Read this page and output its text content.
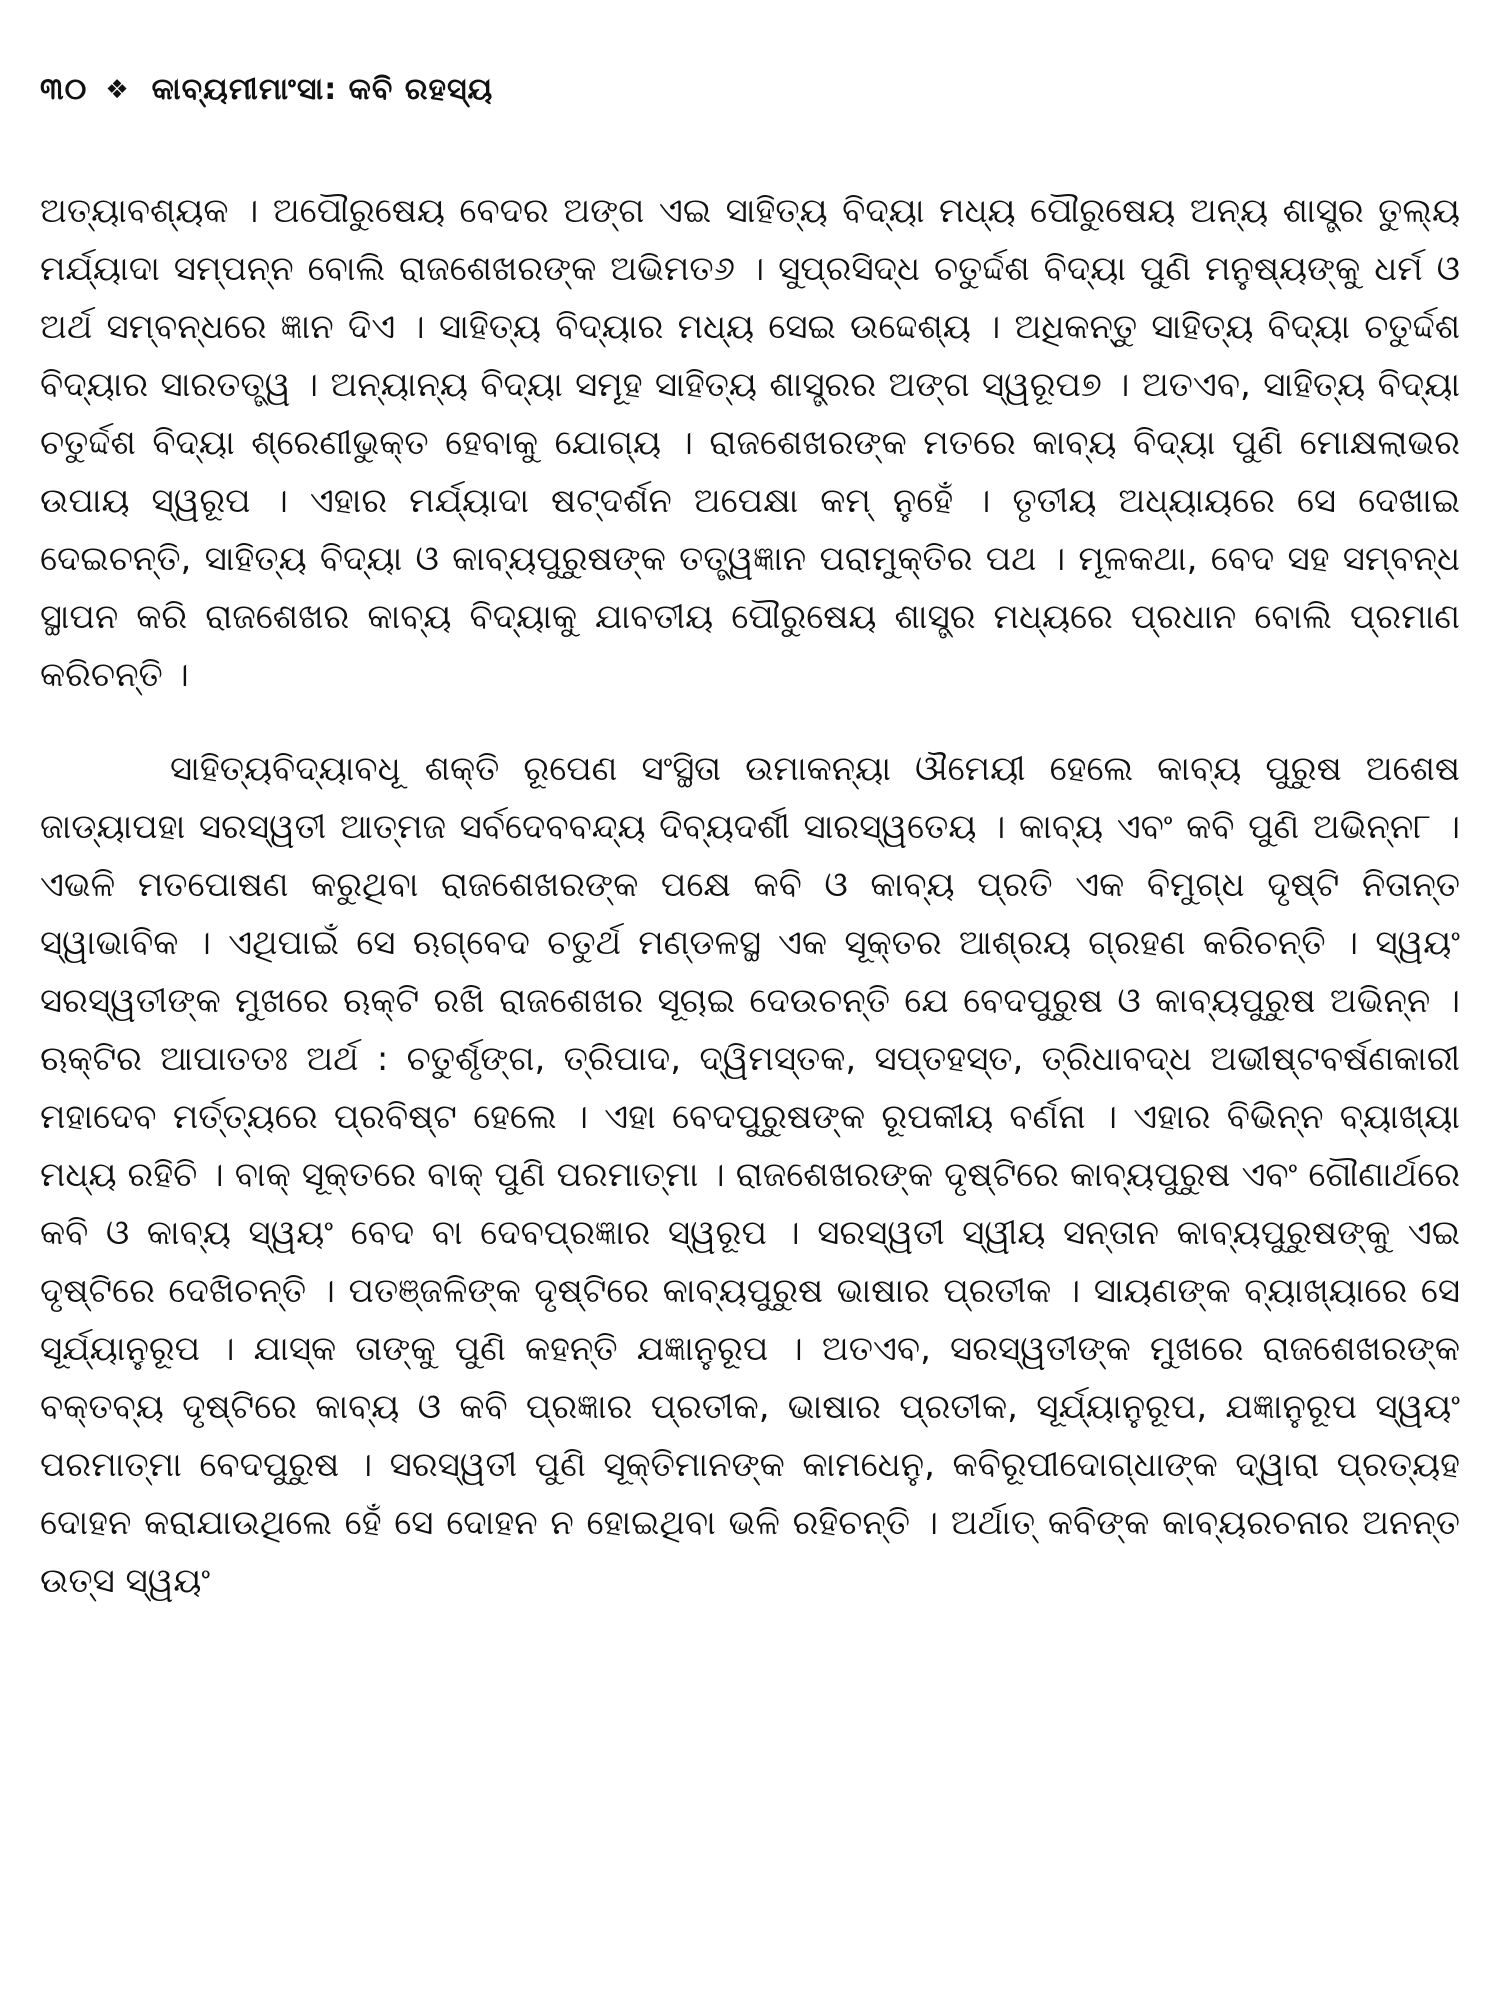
୩୦ ❖ କାବ୍ୟମୀମାଂସା: କବି ରହସ୍ୟ

ଅତ୍ୟାବଶ୍ୟକ । ଅପୌରୁଷେୟ ବେଦର ଅଙ୍ଗ ଏଇ ସାହିତ୍ୟ ବିଦ୍ୟା ମଧ୍ୟ ପୌରୁଷେୟ ଅନ୍ୟ ଶାସ୍ତ୍ର ତୁଲ୍ୟ ମର୍ଯ୍ୟାଦା ସମ୍ପନ୍ନ ବୋଲି ରାଜଶେଖରଙ୍କ ଅଭିମତ୬ । ସୁପ୍ରସିଦ୍ଧ ଚତୁର୍ଦ୍ଦଶ ବିଦ୍ୟା ପୁଣି ମନୁଷ୍ୟଙ୍କୁ ଧର୍ମ ଓ ଅର୍ଥ ସମ୍ବନ୍ଧରେ ଜ୍ଞାନ ଦିଏ । ସାହିତ୍ୟ ବିଦ୍ୟାର ମଧ୍ୟ ସେଇ ଉଦ୍ଦେଶ୍ୟ । ଅଧିକନ୍ତୁ ସାହିତ୍ୟ ବିଦ୍ୟା ଚତୁର୍ଦ୍ଦଶ ବିଦ୍ୟାର ସାରତତ୍ତ୍ୱ । ଅନ୍ୟାନ୍ୟ ବିଦ୍ୟା ସମୂହ ସାହିତ୍ୟ ଶାସ୍ତ୍ରର ଅଙ୍ଗ ସ୍ୱରୂପ୭ । ଅତଏବ, ସାହିତ୍ୟ ବିଦ୍ୟା ଚତୁର୍ଦ୍ଦଶ ବିଦ୍ୟା ଶ୍ରେଣୀଭୁକ୍ତ ହେବାକୁ ଯୋଗ୍ୟ । ରାଜଶେଖରଙ୍କ ମତରେ କାବ୍ୟ ବିଦ୍ୟା ପୁଣି ମୋକ୍ଷଲାଭର ଉପାୟ ସ୍ୱରୂପ । ଏହାର ମର୍ଯ୍ୟାଦା ଷଟ୍‌ଦର୍ଶନ ଅପେକ୍ଷା କମ୍ ନୁହେଁ । ତୃତୀୟ ଅଧ୍ୟାୟରେ ସେ ଦେଖାଇ ଦେଇଚନ୍ତି, ସାହିତ୍ୟ ବିଦ୍ୟା ଓ କାବ୍ୟପୁରୁଷଙ୍କ ତତ୍ତ୍ୱଜ୍ଞାନ ପରାମୁକ୍ତିର ପଥ । ମୂଳକଥା, ବେଦ ସହ ସମ୍ବନ୍ଧ ସ୍ଥାପନ କରି ରାଜଶେଖର କାବ୍ୟ ବିଦ୍ୟାକୁ ଯାବତୀୟ ପୌରୁଷେୟ ଶାସ୍ତ୍ର ମଧ୍ୟରେ ପ୍ରଧାନ ବୋଲି ପ୍ରମାଣ କରିଚନ୍ତି ।

ସାହିତ୍ୟବିଦ୍ୟାବଧୂ ଶକ୍ତି ରୂପେଣ ସଂସ୍ଥିତା ଉମାକନ୍ୟା ଔମେୟୀ ହେଲେ କାବ୍ୟ ପୁରୁଷ ଅଶେଷ ଜାଡ୍ୟାପହା ସରସ୍ୱତୀ ଆତ୍ମଜ ସର୍ବଦେବବନ୍ଦ୍ୟ ଦିବ୍ୟଦର୍ଶୀ ସାରସ୍ୱତେୟ । କାବ୍ୟ ଏବଂ କବି ପୁଣି ଅଭିନ୍ନ୮ । ଏଭଳି ମତପୋଷଣ କରୁଥିବା ରାଜଶେଖରଙ୍କ ପକ୍ଷେ କବି ଓ କାବ୍ୟ ପ୍ରତି ଏକ ବିମୁଗ୍ଧ ଦୃଷ୍ଟି ନିତାନ୍ତ ସ୍ୱାଭାବିକ । ଏଥିପାଇଁ ସେ ଋଗ୍‌ବେଦ ଚତୁର୍ଥ ମଣ୍ଡଳସ୍ଥ ଏକ ସୂକ୍ତର ଆଶ୍ରୟ ଗ୍ରହଣ କରିଚନ୍ତି । ସ୍ୱୟଂ ସରସ୍ୱତୀଙ୍କ ମୁଖରେ ଋକ୍‌ଟି ରଖି ରାଜଶେଖର ସୂଚାଇ ଦେଉଚନ୍ତି ଯେ ବେଦପୁରୁଷ ଓ କାବ୍ୟପୁରୁଷ ଅଭିନ୍ନ । ଋକ୍‌ଟିର ଆପାତତଃ ଅର୍ଥ : ଚତୁର୍ଶୃଙ୍ଗ, ତ୍ରିପାଦ, ଦ୍ୱିମସ୍ତକ, ସପ୍ତହସ୍ତ, ତ୍ରିଧାବଦ୍ଧ ଅଭୀଷ୍ଟବର୍ଷଣକାରୀ ମହାଦେବ ମର୍ତ୍ତ୍ୟରେ ପ୍ରବିଷ୍ଟ ହେଲେ । ଏହା ବେଦପୁରୁଷଙ୍କ ରୂପକୀୟ ବର୍ଣନା । ଏହାର ବିଭିନ୍ନ ବ୍ୟାଖ୍ୟା ମଧ୍ୟ ରହିଚି । ବାକ୍ ସୂକ୍ତରେ ବାକ୍ ପୁଣି ପରମାତ୍ମା । ରାଜଶେଖରଙ୍କ ଦୃଷ୍ଟିରେ କାବ୍ୟପୁରୁଷ ଏବଂ ଗୌଣାର୍ଥରେ କବି ଓ କାବ୍ୟ ସ୍ୱୟଂ ବେଦ ବା ଦେବପ୍ରଜ୍ଞାର ସ୍ୱରୂପ । ସରସ୍ୱତୀ ସ୍ୱୀୟ ସନ୍ତାନ କାବ୍ୟପୁରୁଷଙ୍କୁ ଏଇ ଦୃଷ୍ଟିରେ ଦେଖିଚନ୍ତି । ପତଞ୍ଜଳିଙ୍କ ଦୃଷ୍ଟିରେ କାବ୍ୟପୁରୁଷ ଭାଷାର ପ୍ରତୀକ । ସାୟଣଙ୍କ ବ୍ୟାଖ୍ୟାରେ ସେ ସୂର୍ଯ୍ୟାନୁରୂପ । ଯାସ୍କ ତାଙ୍କୁ ପୁଣି କହନ୍ତି ଯଜ୍ଞାନୁରୂପ । ଅତଏବ, ସରସ୍ୱତୀଙ୍କ ମୁଖରେ ରାଜଶେଖରଙ୍କ ବକ୍ତବ୍ୟ ଦୃଷ୍ଟିରେ କାବ୍ୟ ଓ କବି ପ୍ରଜ୍ଞାର ପ୍ରତୀକ, ଭାଷାର ପ୍ରତୀକ, ସୂର୍ଯ୍ୟାନୁରୂପ, ଯଜ୍ଞାନୁରୂପ ସ୍ୱୟଂ ପରମାତ୍ମା ବେଦପୁରୁଷ । ସରସ୍ୱତୀ ପୁଣି ସୂକ୍ତିମାନଙ୍କ କାମଧେନୁ, କବିରୂପୀଦୋଗ୍‌ଧାଙ୍କ ଦ୍ୱାରା ପ୍ରତ୍ୟହ ଦୋହନ କରାଯାଉଥିଲେ ହେଁ ସେ ଦୋହନ ନ ହୋଇଥିବା ଭଳି ରହିଚନ୍ତି । ଅର୍ଥାତ୍ କବିଙ୍କ କାବ୍ୟରଚନାର ଅନନ୍ତ ଉତ୍ସ ସ୍ୱୟଂ
